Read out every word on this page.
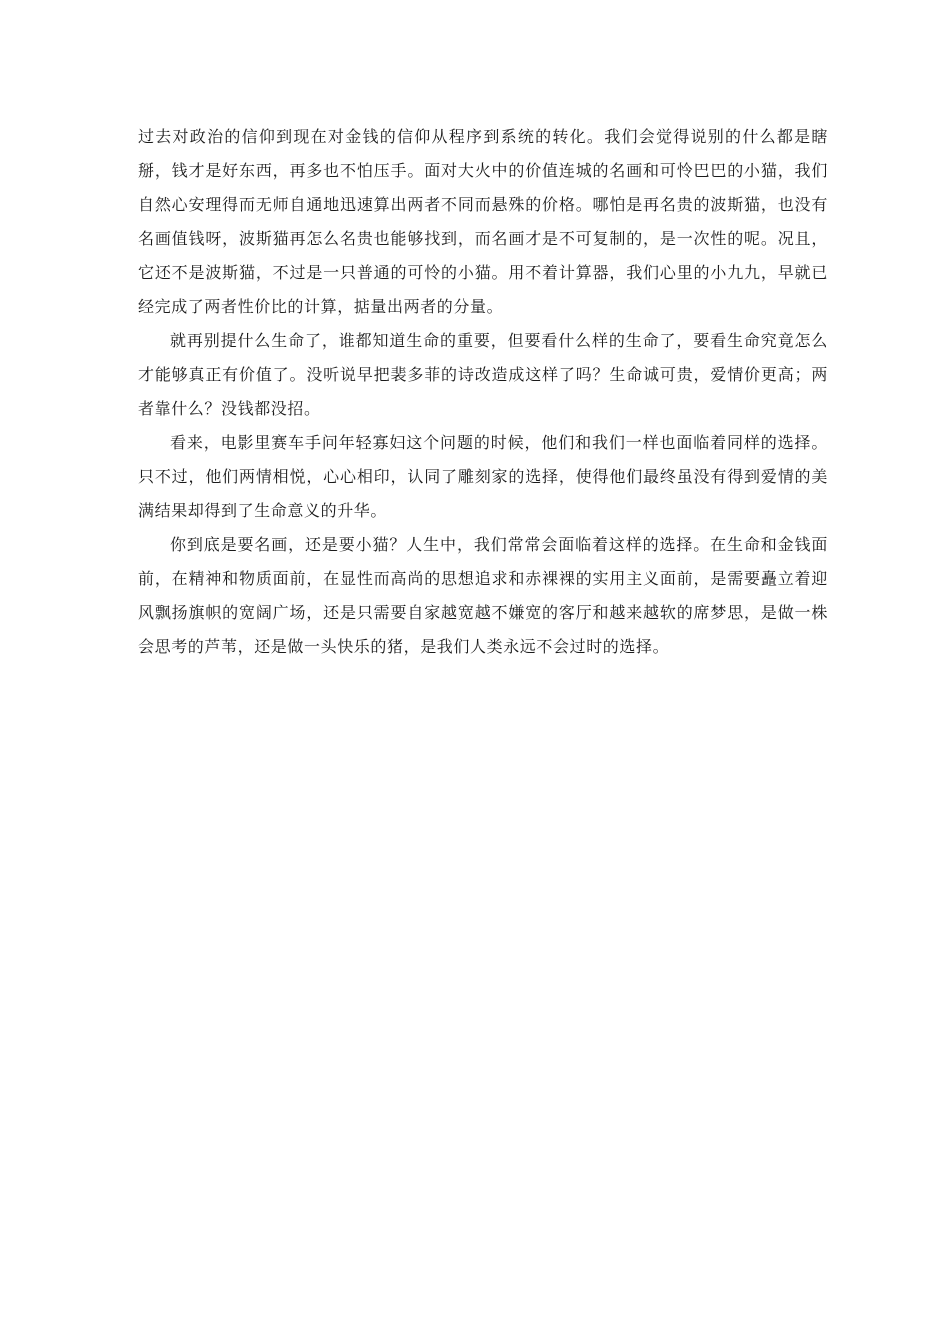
过去对政治的信仰到现在对金钱的信仰从程序到系统的转化。我们会觉得说别的什么都是瞎掰，钱才是好东西，再多也不怕压手。面对大火中的价值连城的名画和可怜巴巴的小猫，我们自然心安理得而无师自通地迅速算出两者不同而悬殊的价格。哪怕是再名贵的波斯猫，也没有名画值钱呀，波斯猫再怎么名贵也能够找到，而名画才是不可复制的，是一次性的呢。况且，它还不是波斯猫，不过是一只普通的可怜的小猫。用不着计算器，我们心里的小九九，早就已经完成了两者性价比的计算，掂量出两者的分量。

就再别提什么生命了，谁都知道生命的重要，但要看什么样的生命了，要看生命究竟怎么才能够真正有价值了。没听说早把裴多菲的诗改造成这样了吗？生命诚可贵，爱情价更高；两者靠什么？没钱都没招。

看来，电影里赛车手问年轻寡妇这个问题的时候，他们和我们一样也面临着同样的选择。只不过，他们两情相悦，心心相印，认同了雕刻家的选择，使得他们最终虽没有得到爱情的美满结果却得到了生命意义的升华。

你到底是要名画，还是要小猫？人生中，我们常常会面临着这样的选择。在生命和金钱面前，在精神和物质面前，在显性而高尚的思想追求和赤裸裸的实用主义面前，是需要矗立着迎风飘扬旗帜的宽阔广场，还是只需要自家越宽越不嫌宽的客厅和越来越软的席梦思，是做一株会思考的芦苇，还是做一头快乐的猪，是我们人类永远不会过时的选择。
